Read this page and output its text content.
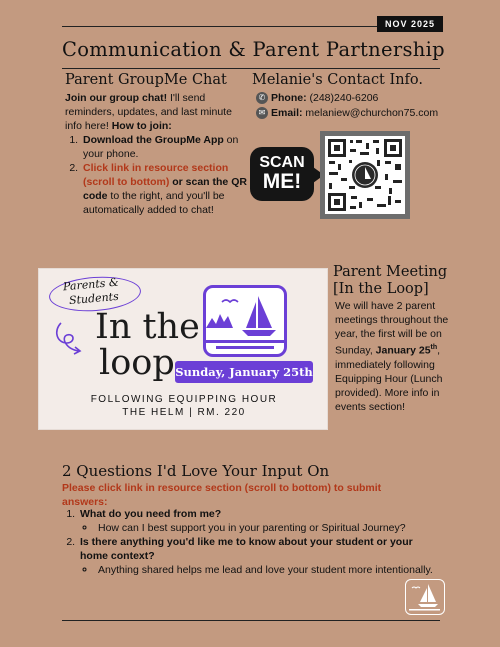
NOV 2025
Communication & Parent Partnership
Parent GroupMe Chat
Join our group chat! I'll send reminders, updates, and last minute info here! How to join:
1. Download the GroupMe App on your phone.
2. Click link in resource section (scroll to bottom) or scan the QR code to the right, and you'll be automatically added to chat!
Melanie's Contact Info.
✆ Phone: (248)240-6206
✉ Email: melaniew@churchon75.com
SCAN
ME!
Parents &
Students
In the
loop Sunday, January 25th
FOLLOWING EQUIPPING HOUR
THE HELM | RM. 220
Parent Meeting
[In the Loop]
We will have 2 parent meetings throughout the year, the first will be on Sunday, January 25th, immediately following Equipping Hour (Lunch provided). More info in events section!
2 Questions I'd Love Your Input On
Please click link in resource section (scroll to bottom) to submit answers:
1. What do you need from me?
◦ How can I best support you in your parenting or Spiritual Journey?
2. Is there anything you'd like me to know about your student or your home context?
◦ Anything shared helps me lead and love your student more intentionally.
